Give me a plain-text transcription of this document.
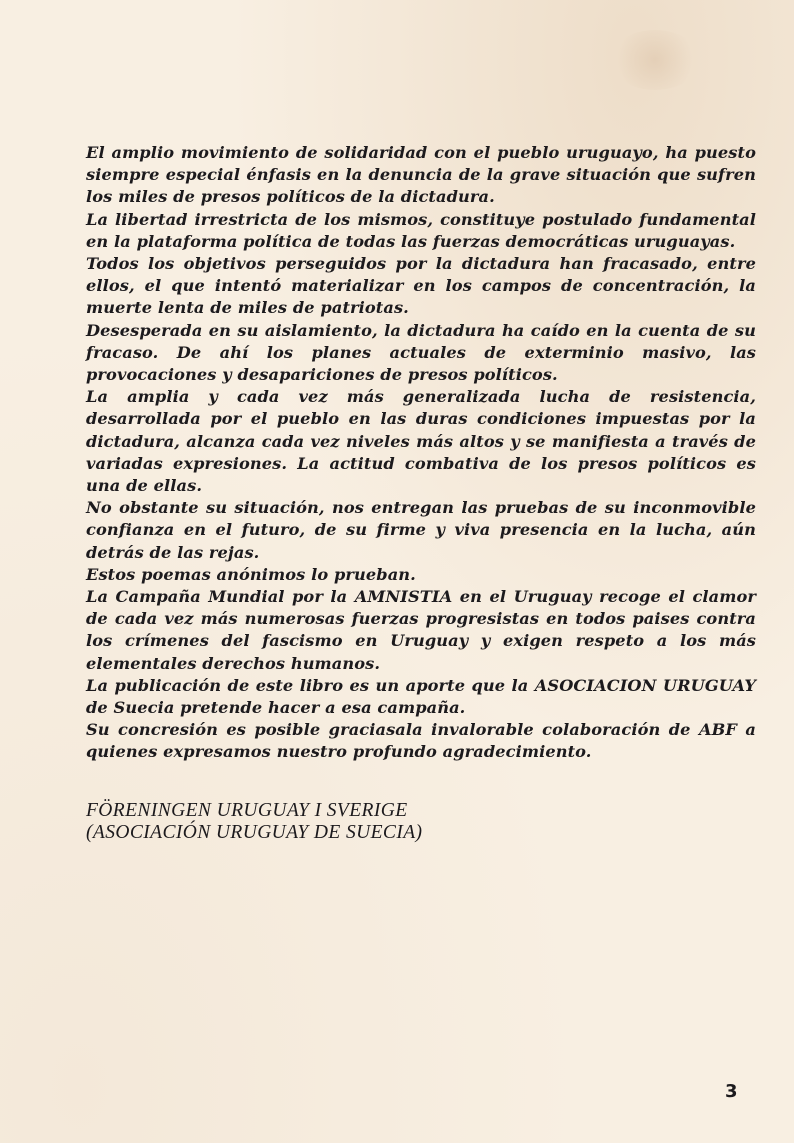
El amplio movimiento de solidaridad con el pueblo uruguayo, ha puesto siempre especial énfasis en la denuncia de la grave situación que sufren los miles de presos políticos de la dictadura.

La libertad irrestricta de los mismos, constituye postulado fundamental en la plataforma política de todas las fuerzas democráticas uruguayas.

Todos los objetivos perseguidos por la dictadura han fracasado, entre ellos, el que intentó materializar en los campos de concentración, la muerte lenta de miles de patriotas.

Desesperada en su aislamiento, la dictadura ha caído en la cuenta de su fracaso. De ahí los planes actuales de exterminio masivo, las provocaciones y desapariciones de presos políticos.

La amplia y cada vez más generalizada lucha de resistencia, desarrollada por el pueblo en las duras condiciones impuestas por la dictadura, alcanza cada vez niveles más altos y se manifiesta a través de variadas expresiones. La actitud combativa de los presos políticos es una de ellas.

No obstante su situación, nos entregan las pruebas de su inconmovible confianza en el futuro, de su firme y viva presencia en la lucha, aún detrás de las rejas.

Estos poemas anónimos lo prueban.

La Campaña Mundial por la AMNISTIA en el Uruguay recoge el clamor de cada vez más numerosas fuerzas progresistas en todos paises contra los crímenes del fascismo en Uruguay y exigen respeto a los más elementales derechos humanos.

La publicación de este libro es un aporte que la ASOCIACION URUGUAY de Suecia pretende hacer a esa campaña.

Su concresión es posible graciasala invalorable colaboración de ABF a quienes expresamos nuestro profundo agradecimiento.

FÖRENINGEN URUGUAY I SVERIGE
(ASOCIACIÓN URUGUAY DE SUECIA)
3
